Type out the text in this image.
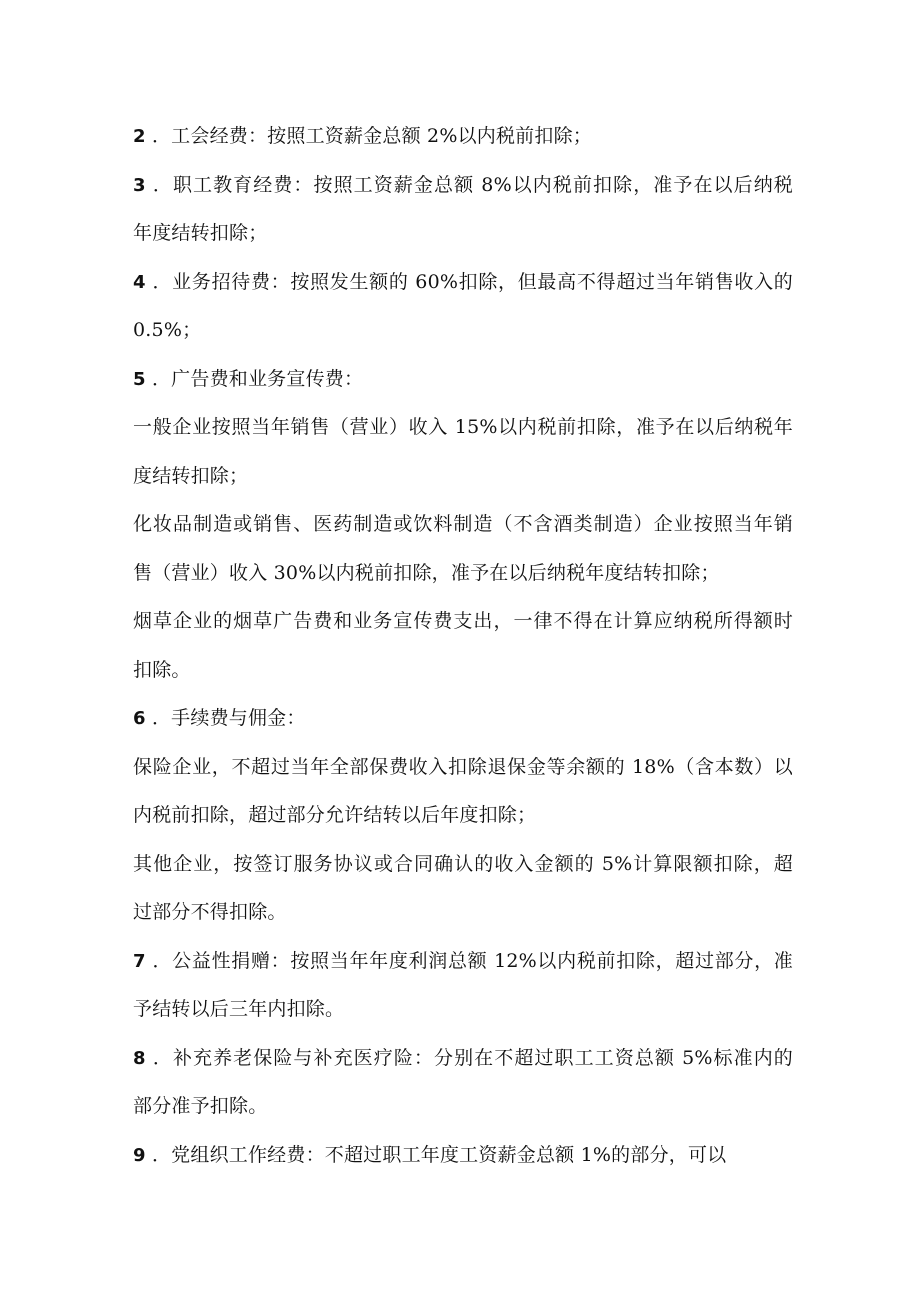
2 ．工会经费：按照工资薪金总额 2%以内税前扣除；
3 ．职工教育经费：按照工资薪金总额 8%以内税前扣除，准予在以后纳税
年度结转扣除；
4 ．业务招待费：按照发生额的 60%扣除，但最高不得超过当年销售收入的
0.5%；
5 ．广告费和业务宣传费：
一般企业按照当年销售（营业）收入 15%以内税前扣除，准予在以后纳税年
度结转扣除；
化妆品制造或销售、医药制造或饮料制造（不含酒类制造）企业按照当年销
售（营业）收入 30%以内税前扣除，准予在以后纳税年度结转扣除；
烟草企业的烟草广告费和业务宣传费支出，一律不得在计算应纳税所得额时
扣除。
6 ．手续费与佣金：
保险企业，不超过当年全部保费收入扣除退保金等余额的 18%（含本数）以
内税前扣除，超过部分允许结转以后年度扣除；
其他企业，按签订服务协议或合同确认的收入金额的 5%计算限额扣除，超
过部分不得扣除。
7 ．公益性捐赠：按照当年年度利润总额 12%以内税前扣除，超过部分，准
予结转以后三年内扣除。
8 ．补充养老保险与补充医疗险：分别在不超过职工工资总额 5%标准内的
部分准予扣除。
9 ．党组织工作经费：不超过职工年度工资薪金总额 1%的部分，可以
